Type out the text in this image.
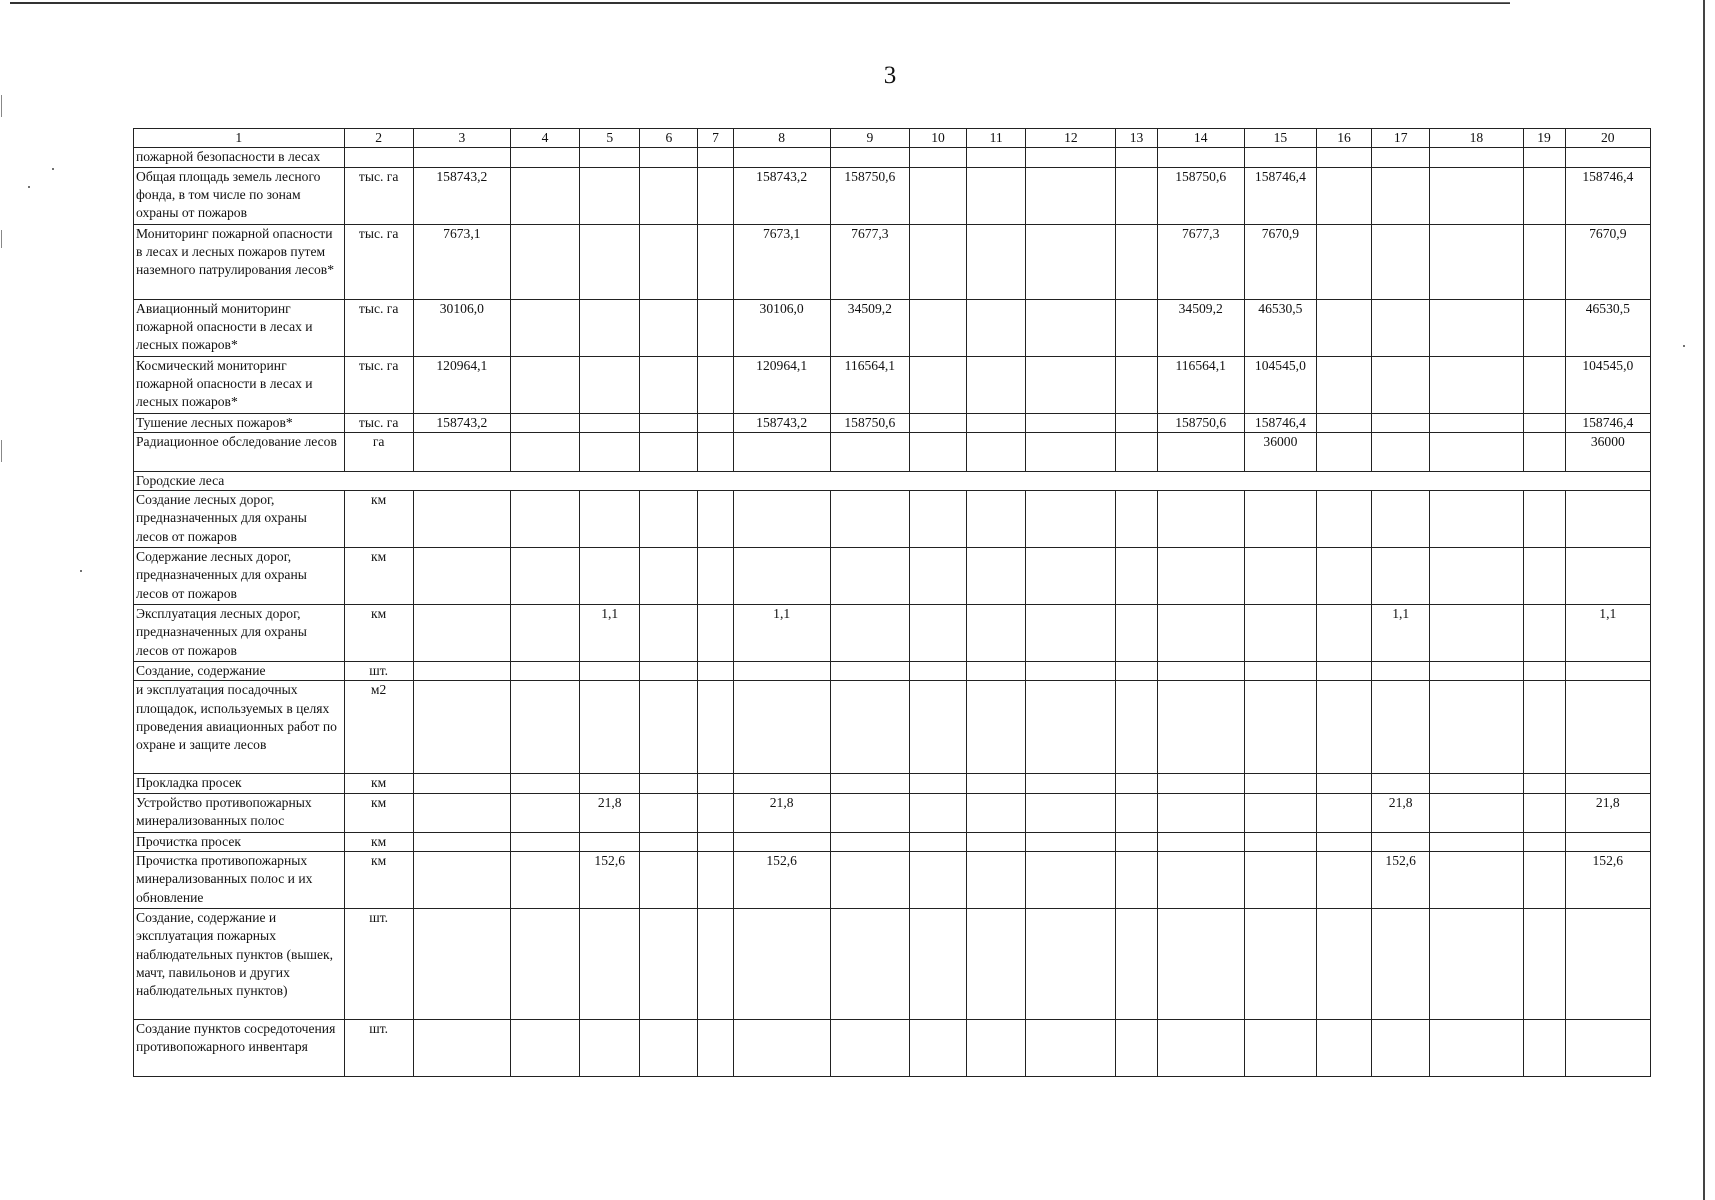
3
1	2	3	4	5	6	7	8	9	10	11	12	13	14	15	16	17	18	19	20
пожарной безопасности в лесах																			
Общая площадь земель лесного фонда, в том числе по зонам охраны от пожаров	тыс. га	158743,2					158743,2	158750,6					158750,6	158746,4					158746,4
Мониторинг пожарной опасности в лесах и лесных пожаров путем наземного патрулирования лесов*	тыс. га	7673,1					7673,1	7677,3					7677,3	7670,9					7670,9
Авиационный мониторинг пожарной опасности в лесах и лесных пожаров*	тыс. га	30106,0					30106,0	34509,2					34509,2	46530,5					46530,5
Космический мониторинг пожарной опасности в лесах и лесных пожаров*	тыс. га	120964,1					120964,1	116564,1					116564,1	104545,0					104545,0
Тушение лесных пожаров*	тыс. га	158743,2					158743,2	158750,6					158750,6	158746,4					158746,4
Радиационное обследование лесов	га													36000					36000
Городские леса																			
Создание лесных дорог, предназначенных для охраны лесов от пожаров	км																		
Содержание лесных дорог, предназначенных для охраны лесов от пожаров	км																		
Эксплуатация лесных дорог, предназначенных для охраны лесов от пожаров	км			1,1			1,1									1,1			1,1
Создание, содержание	шт.																		
и эксплуатация посадочных площадок, используемых в целях проведения авиационных работ по охране и защите лесов	м2																		
Прокладка просек	км																		
Устройство противопожарных минерализованных полос	км			21,8			21,8									21,8			21,8
Прочистка просек	км																		
Прочистка противопожарных минерализованных полос и их обновление	км			152,6			152,6									152,6			152,6
Создание, содержание и эксплуатация пожарных наблюдательных пунктов (вышек, мачт, павильонов и других наблюдательных пунктов)	шт.																		
Создание пунктов сосредоточения противопожарного инвентаря	шт.																		
